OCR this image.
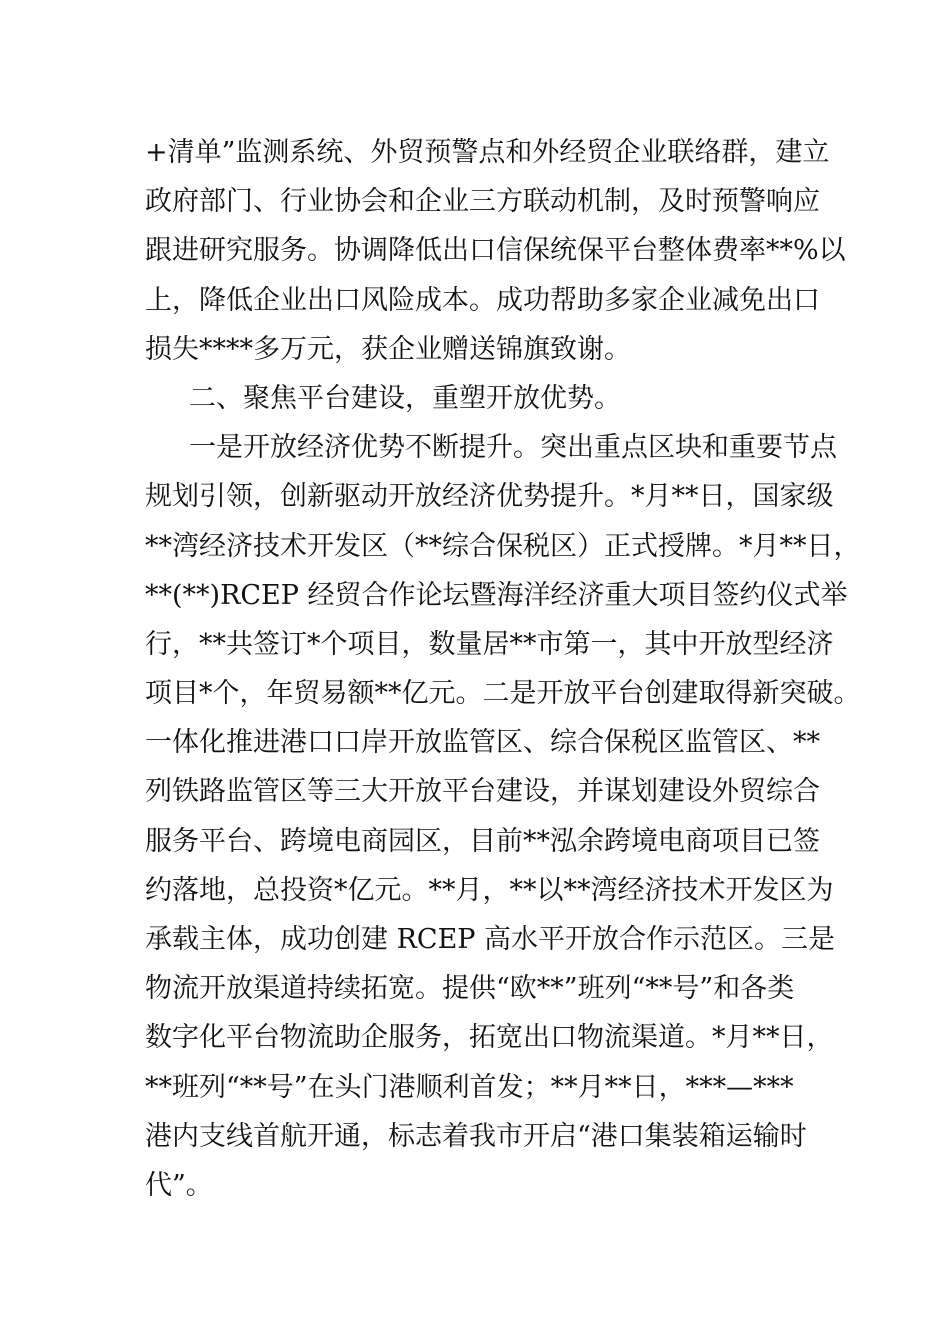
+清单”监测系统、外贸预警点和外经贸企业联络群，建立
政府部门、行业协会和企业三方联动机制，及时预警响应
跟进研究服务。协调降低出口信保统保平台整体费率**%以
上，降低企业出口风险成本。成功帮助多家企业减免出口
损失****多万元，获企业赠送锦旗致谢。
二、聚焦平台建设，重塑开放优势。
一是开放经济优势不断提升。突出重点区块和重要节点
规划引领，创新驱动开放经济优势提升。*月**日，国家级
**湾经济技术开发区（**综合保税区）正式授牌。*月**日，
**(**)RCEP 经贸合作论坛暨海洋经济重大项目签约仪式举
行，**共签订*个项目，数量居**市第一，其中开放型经济
项目*个，年贸易额**亿元。二是开放平台创建取得新突破。
一体化推进港口口岸开放监管区、综合保税区监管区、**
列铁路监管区等三大开放平台建设，并谋划建设外贸综合
服务平台、跨境电商园区，目前**泓余跨境电商项目已签
约落地，总投资*亿元。**月，**以**湾经济技术开发区为
承载主体，成功创建 RCEP 高水平开放合作示范区。三是
物流开放渠道持续拓宽。提供“欧**”班列“**号”和各类
数字化平台物流助企服务，拓宽出口物流渠道。*月**日，
**班列“**号”在头门港顺利首发；**月**日，***—***
港内支线首航开通，标志着我市开启“港口集装箱运输时
代”。
